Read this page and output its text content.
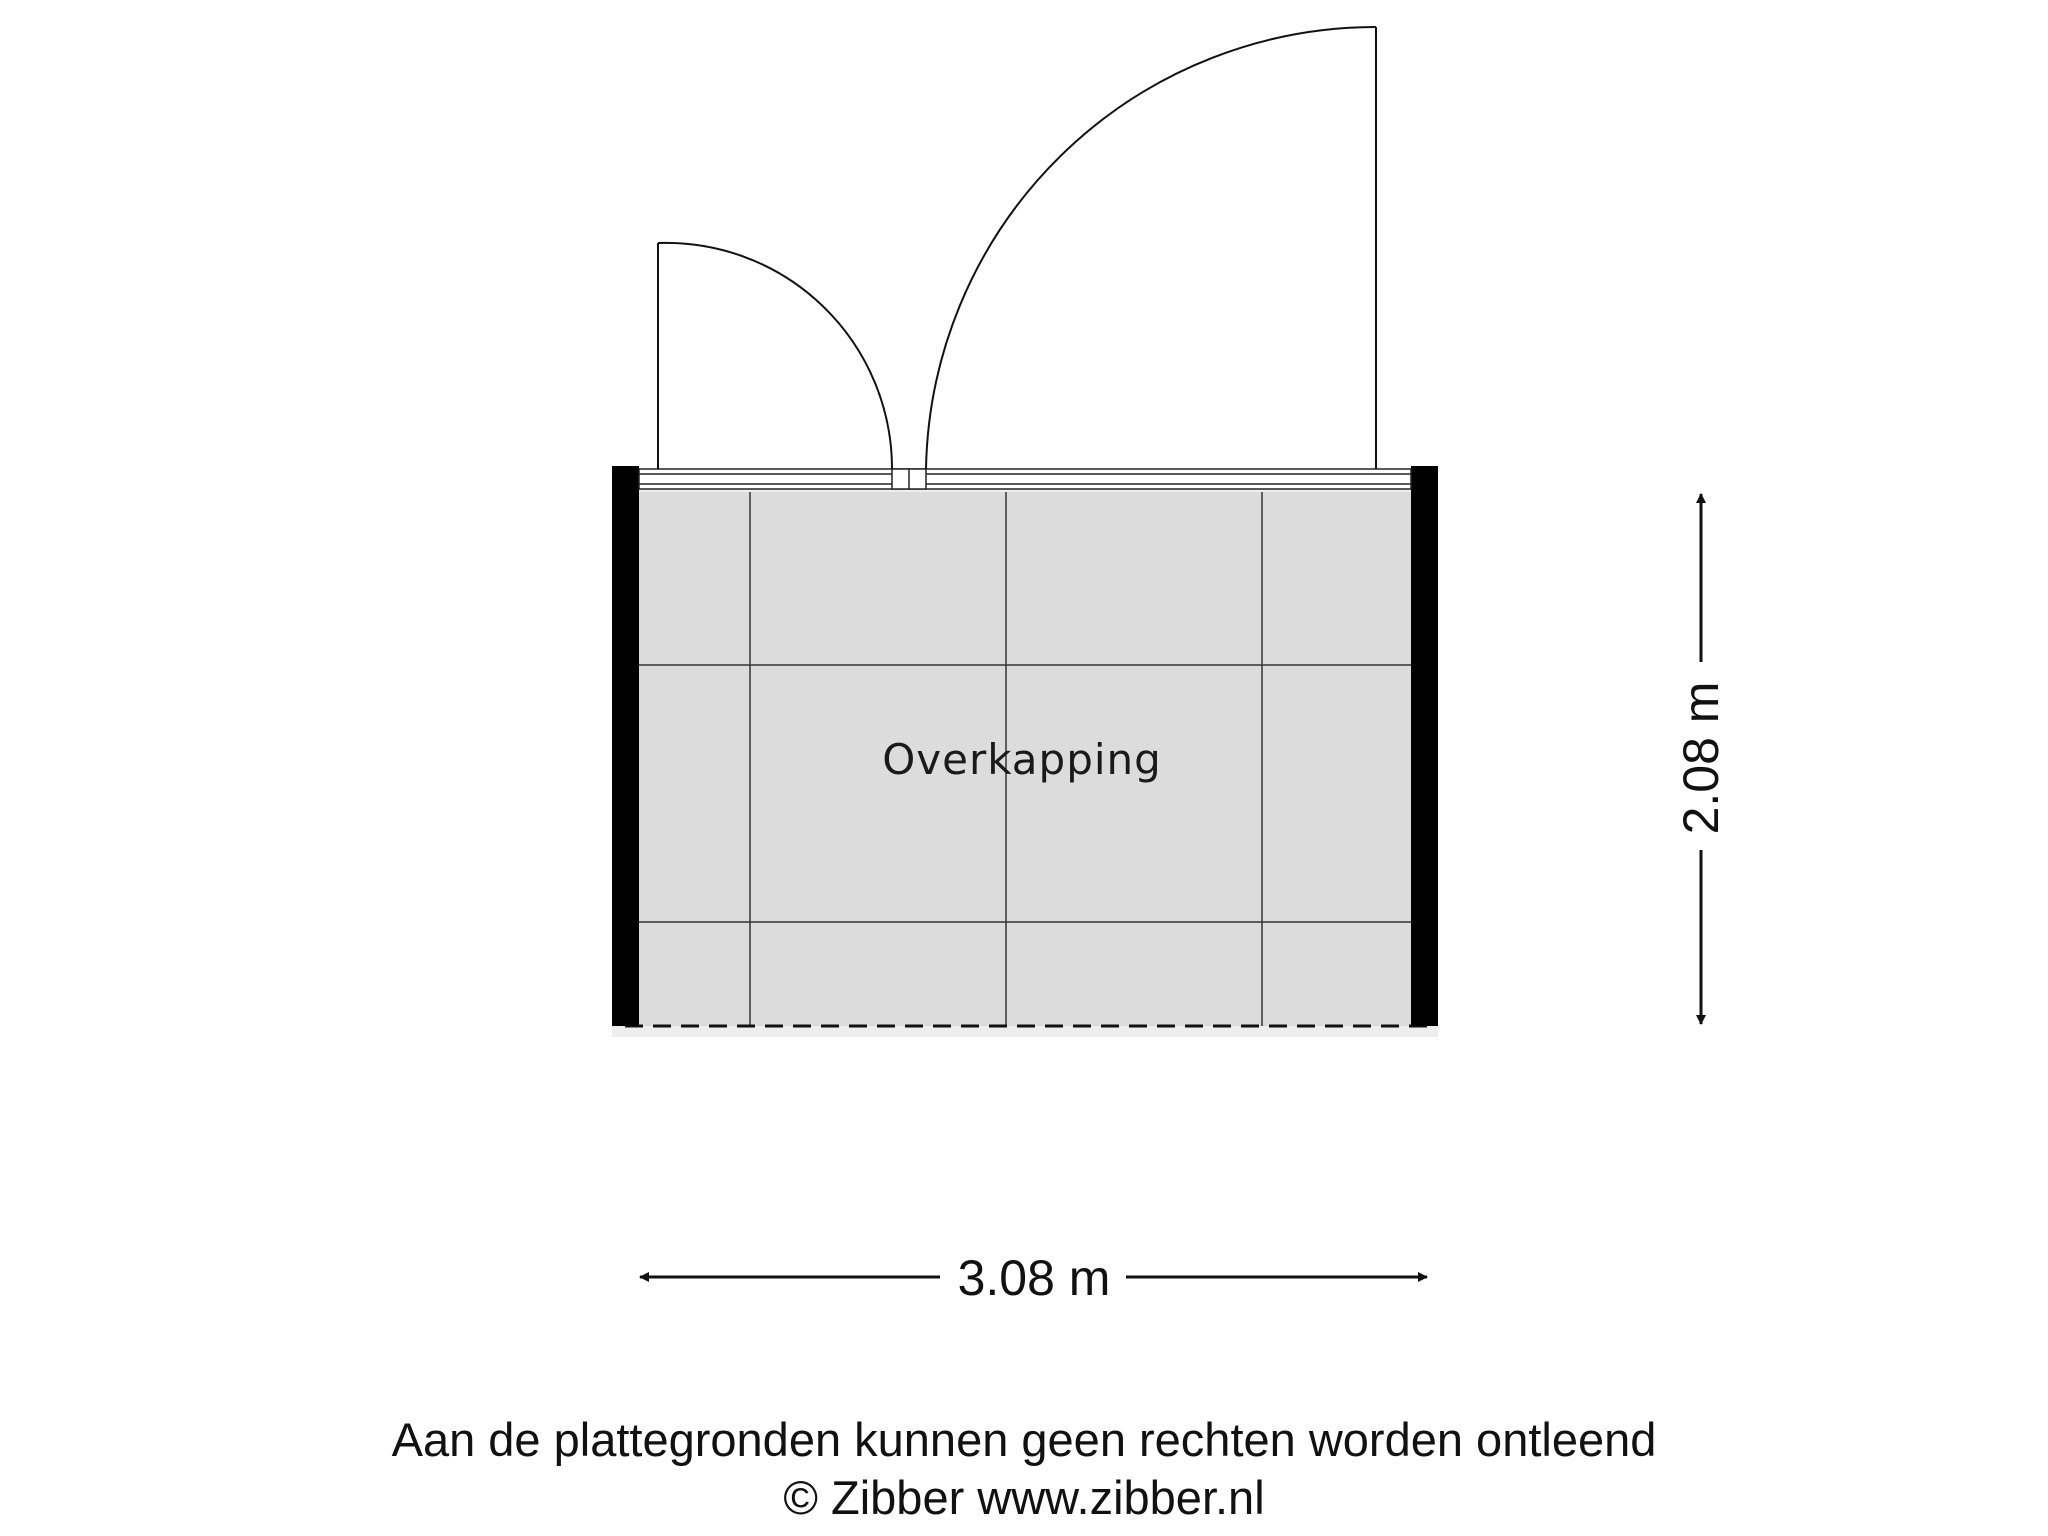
Overkapping	2.08 m
3.08 m
Aan de plattegronden kunnen geen rechten worden ontleend
© Zibber www.zibber.nl
